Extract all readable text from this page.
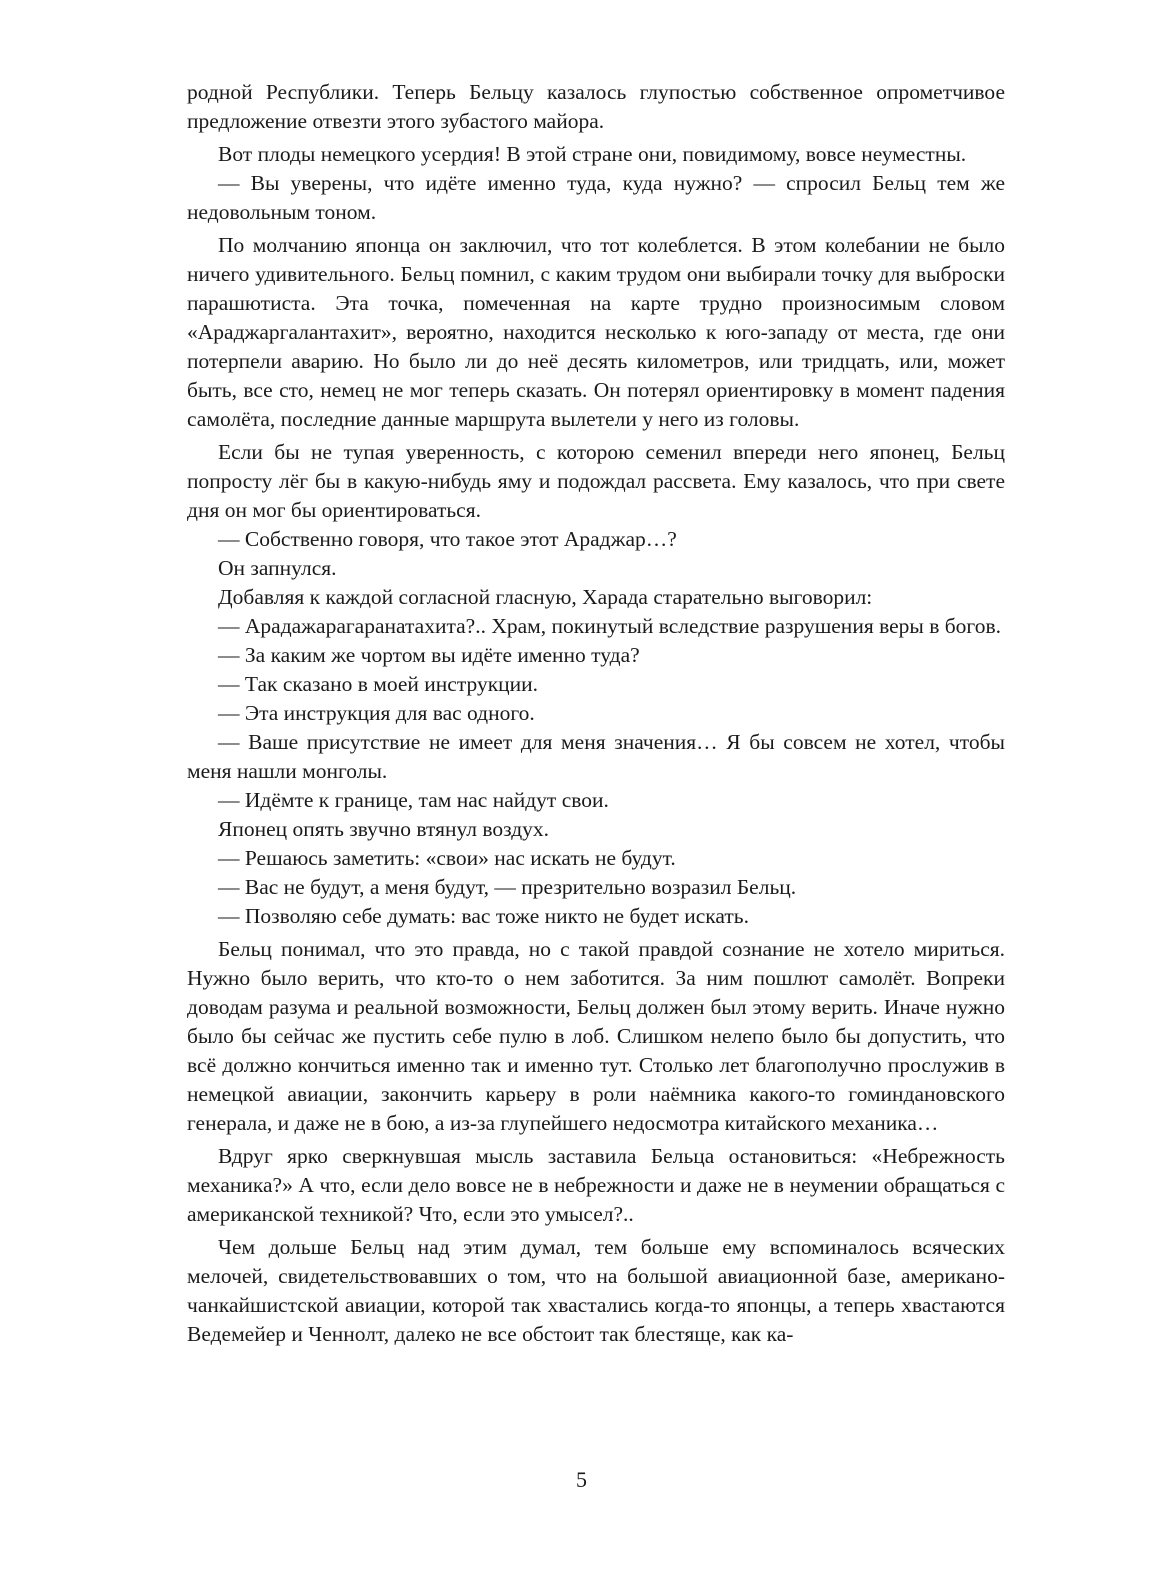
родной Республики. Теперь Бельцу казалось глупостью собственное опрометчивое предложение отвезти этого зубастого майора.

Вот плоды немецкого усердия! В этой стране они, повидимому, вовсе неуместны.

— Вы уверены, что идёте именно туда, куда нужно? — спросил Бельц тем же недовольным тоном.

По молчанию японца он заключил, что тот колеблется. В этом колебании не было ничего удивительного. Бельц помнил, с каким трудом они выбирали точку для выброски парашютиста. Эта точка, помеченная на карте трудно произносимым словом «Араджаргалантахит», вероятно, находится несколько к юго-западу от места, где они потерпели аварию. Но было ли до неё десять километров, или тридцать, или, может быть, все сто, немец не мог теперь сказать. Он потерял ориентировку в момент падения самолёта, последние данные маршрута вылетели у него из головы.

Если бы не тупая уверенность, с которою семенил впереди него японец, Бельц попросту лёг бы в какую-нибудь яму и подождал рассвета. Ему казалось, что при свете дня он мог бы ориентироваться.

— Собственно говоря, что такое этот Араджар…?

Он запнулся.

Добавляя к каждой согласной гласную, Харада старательно выговорил:

— Арадажарагаранатахита?.. Храм, покинутый вследствие разрушения веры в богов.

— За каким же чортом вы идёте именно туда?

— Так сказано в моей инструкции.

— Эта инструкция для вас одного.

— Ваше присутствие не имеет для меня значения… Я бы совсем не хотел, чтобы меня нашли монголы.

— Идёмте к границе, там нас найдут свои.

Японец опять звучно втянул воздух.

— Решаюсь заметить: «свои» нас искать не будут.

— Вас не будут, а меня будут, — презрительно возразил Бельц.

— Позволяю себе думать: вас тоже никто не будет искать.

Бельц понимал, что это правда, но с такой правдой сознание не хотело мириться. Нужно было верить, что кто-то о нем заботится. За ним пошлют самолёт. Вопреки доводам разума и реальной возможности, Бельц должен был этому верить. Иначе нужно было бы сейчас же пустить себе пулю в лоб. Слишком нелепо было бы допустить, что всё должно кончиться именно так и именно тут. Столько лет благополучно прослужив в немецкой авиации, закончить карьеру в роли наёмника какого-то гоминдановского генерала, и даже не в бою, а из-за глупейшего недосмотра китайского механика…

Вдруг ярко сверкнувшая мысль заставила Бельца остановиться: «Небрежность механика?» А что, если дело вовсе не в небрежности и даже не в неумении обращаться с американской техникой? Что, если это умысел?..

Чем дольше Бельц над этим думал, тем больше ему вспоминалось всяческих мелочей, свидетельствовавших о том, что на большой авиационной базе, американо-чанкайшистской авиации, которой так хвастались когда-то японцы, а теперь хвастаются Ведемейер и Ченнолт, далеко не все обстоит так блестяще, как ка-

5
